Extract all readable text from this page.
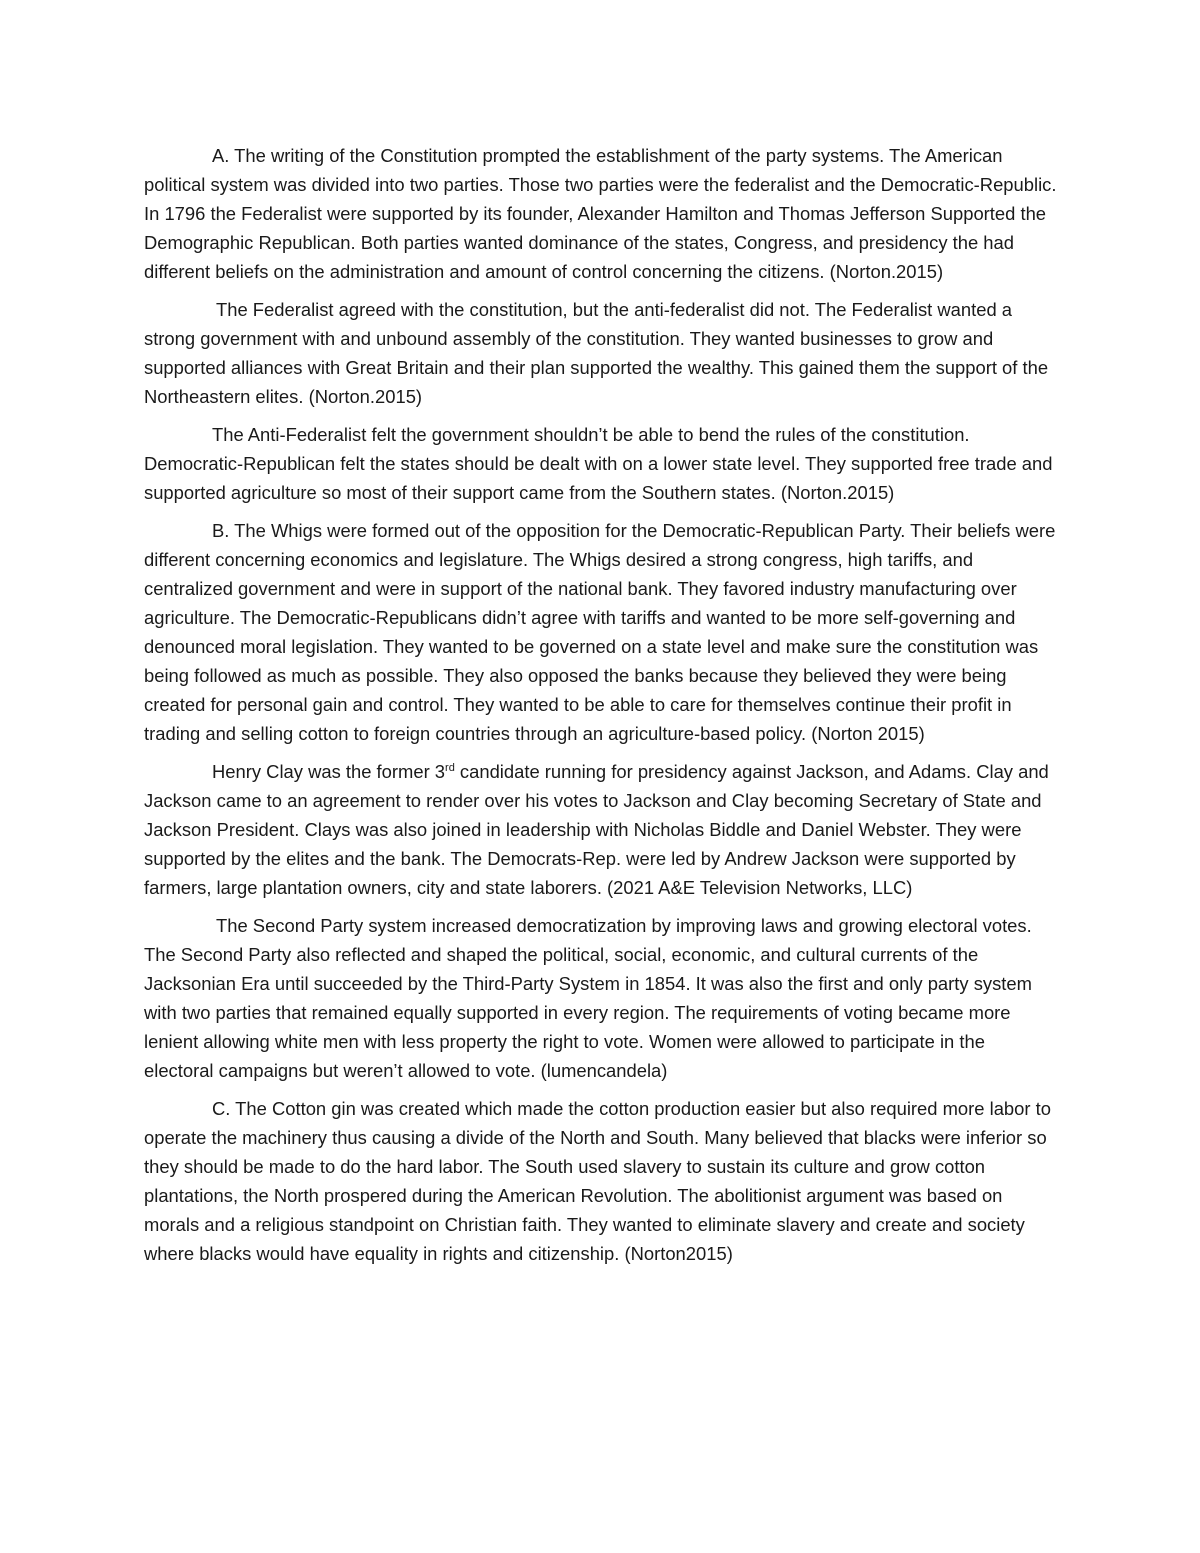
A. The writing of the Constitution prompted the establishment of the party systems. The American political system was divided into two parties. Those two parties were the federalist and the Democratic-Republic. In 1796 the Federalist were supported by its founder, Alexander Hamilton and Thomas Jefferson Supported the Demographic Republican. Both parties wanted dominance of the states, Congress, and presidency the had different beliefs on the administration and amount of control concerning the citizens. (Norton.2015)

The Federalist agreed with the constitution, but the anti-federalist did not. The Federalist wanted a strong government with and unbound assembly of the constitution. They wanted businesses to grow and supported alliances with Great Britain and their plan supported the wealthy. This gained them the support of the Northeastern elites. (Norton.2015)

The Anti-Federalist felt the government shouldn’t be able to bend the rules of the constitution. Democratic-Republican felt the states should be dealt with on a lower state level. They supported free trade and supported agriculture so most of their support came from the Southern states. (Norton.2015)

B. The Whigs were formed out of the opposition for the Democratic-Republican Party. Their beliefs were different concerning economics and legislature. The Whigs desired a strong congress, high tariffs, and centralized government and were in support of the national bank. They favored industry manufacturing over agriculture. The Democratic-Republicans didn’t agree with tariffs and wanted to be more self-governing and denounced moral legislation. They wanted to be governed on a state level and make sure the constitution was being followed as much as possible. They also opposed the banks because they believed they were being created for personal gain and control. They wanted to be able to care for themselves continue their profit in trading and selling cotton to foreign countries through an agriculture-based policy. (Norton 2015)

Henry Clay was the former 3rd candidate running for presidency against Jackson, and Adams. Clay and Jackson came to an agreement to render over his votes to Jackson and Clay becoming Secretary of State and Jackson President. Clays was also joined in leadership with Nicholas Biddle and Daniel Webster. They were supported by the elites and the bank. The Democrats-Rep. were led by Andrew Jackson were supported by farmers, large plantation owners, city and state laborers. (2021 A&E Television Networks, LLC)

The Second Party system increased democratization by improving laws and growing electoral votes. The Second Party also reflected and shaped the political, social, economic, and cultural currents of the Jacksonian Era until succeeded by the Third-Party System in 1854. It was also the first and only party system with two parties that remained equally supported in every region. The requirements of voting became more lenient allowing white men with less property the right to vote. Women were allowed to participate in the electoral campaigns but weren’t allowed to vote. (lumencandela)

C. The Cotton gin was created which made the cotton production easier but also required more labor to operate the machinery thus causing a divide of the North and South. Many believed that blacks were inferior so they should be made to do the hard labor. The South used slavery to sustain its culture and grow cotton plantations, the North prospered during the American Revolution. The abolitionist argument was based on morals and a religious standpoint on Christian faith. They wanted to eliminate slavery and create and society where blacks would have equality in rights and citizenship. (Norton2015)
